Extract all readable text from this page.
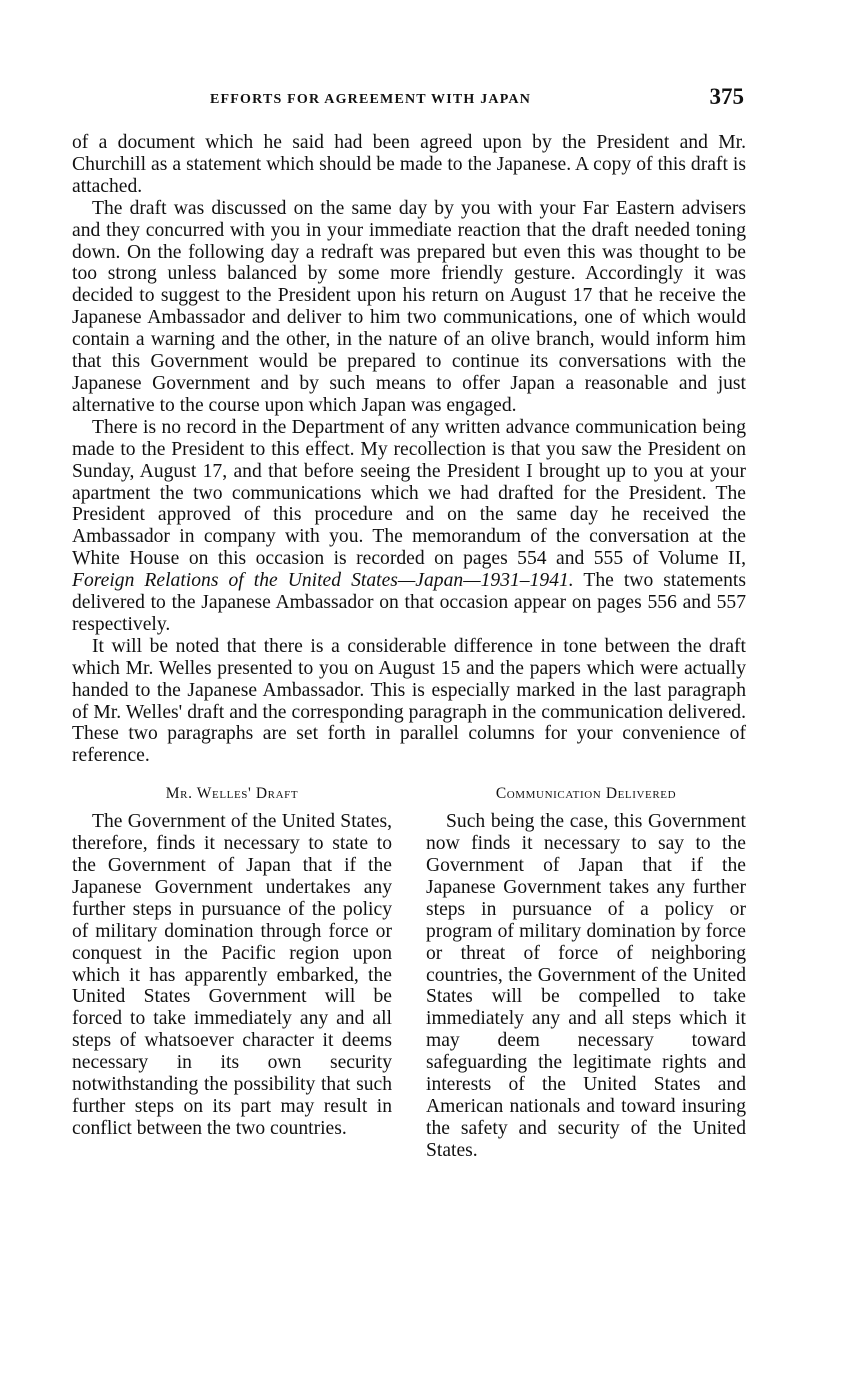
EFFORTS FOR AGREEMENT WITH JAPAN	375

of a document which he said had been agreed upon by the President and Mr. Churchill as a statement which should be made to the Japanese. A copy of this draft is attached.

The draft was discussed on the same day by you with your Far Eastern advisers and they concurred with you in your immediate reaction that the draft needed toning down. On the following day a redraft was prepared but even this was thought to be too strong unless balanced by some more friendly gesture. Accordingly it was decided to suggest to the President upon his return on August 17 that he receive the Japanese Ambassador and deliver to him two communications, one of which would contain a warning and the other, in the nature of an olive branch, would inform him that this Government would be prepared to continue its conversations with the Japanese Government and by such means to offer Japan a reasonable and just alternative to the course upon which Japan was engaged.

There is no record in the Department of any written advance communication being made to the President to this effect. My recollection is that you saw the President on Sunday, August 17, and that before seeing the President I brought up to you at your apartment the two communications which we had drafted for the President. The President approved of this procedure and on the same day he received the Ambassador in company with you. The memorandum of the conversation at the White House on this occasion is recorded on pages 554 and 555 of Volume II, Foreign Relations of the United States—Japan—1931–1941. The two statements delivered to the Japanese Ambassador on that occasion appear on pages 556 and 557 respectively.

It will be noted that there is a considerable difference in tone between the draft which Mr. Welles presented to you on August 15 and the papers which were actually handed to the Japanese Ambassador. This is especially marked in the last paragraph of Mr. Welles' draft and the corresponding paragraph in the communication delivered. These two paragraphs are set forth in parallel columns for your convenience of reference.

Mr. Welles' Draft

The Government of the United States, therefore, finds it necessary to state to the Government of Japan that if the Japanese Government undertakes any further steps in pursuance of the policy of military domination through force or conquest in the Pacific region upon which it has apparently embarked, the United States Government will be forced to take immediately any and all steps of whatsoever character it deems necessary in its own security notwithstanding the possibility that such further steps on its part may result in conflict between the two countries.

Communication Delivered

Such being the case, this Government now finds it necessary to say to the Government of Japan that if the Japanese Government takes any further steps in pursuance of a policy or program of military domination by force or threat of force of neighboring countries, the Government of the United States will be compelled to take immediately any and all steps which it may deem necessary toward safeguarding the legitimate rights and interests of the United States and American nationals and toward insuring the safety and security of the United States.
